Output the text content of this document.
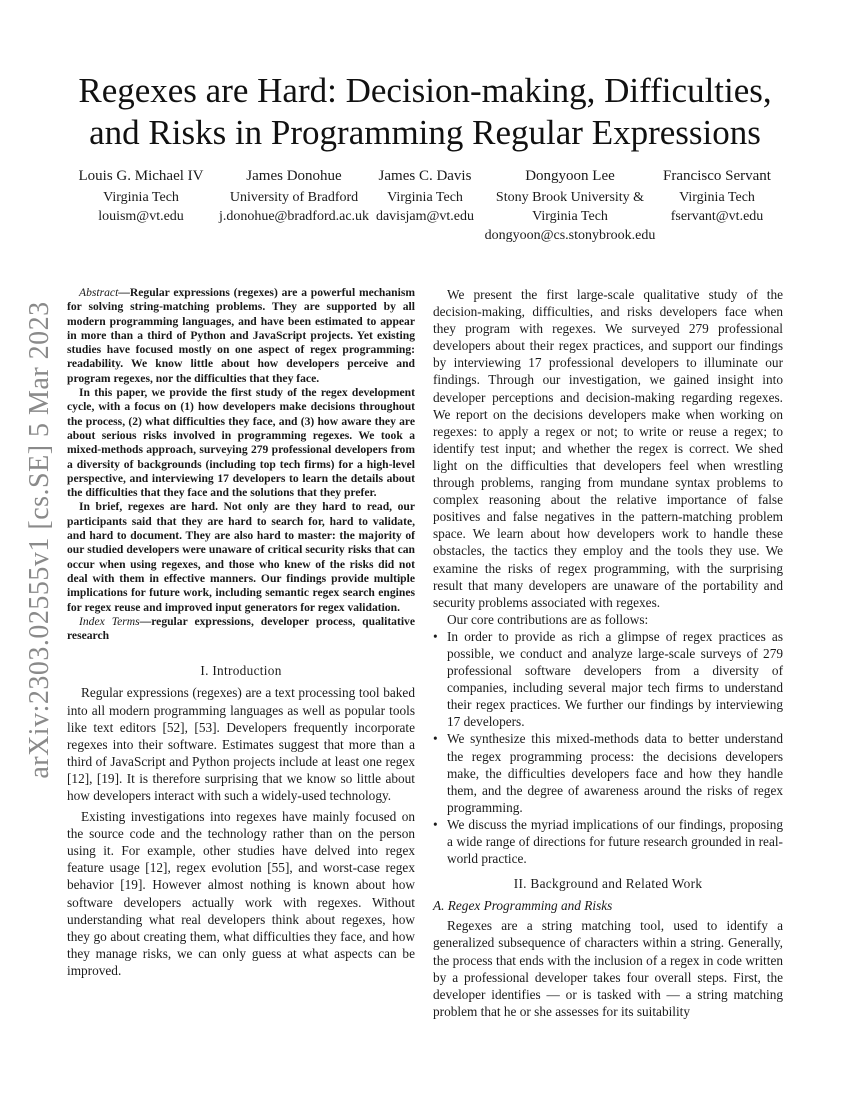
arXiv:2303.02555v1 [cs.SE] 5 Mar 2023
Regexes are Hard: Decision-making, Difficulties, and Risks in Programming Regular Expressions
Louis G. Michael IV
Virginia Tech
louism@vt.edu
James Donohue
University of Bradford
j.donohue@bradford.ac.uk
James C. Davis
Virginia Tech
davisjam@vt.edu
Dongyoon Lee
Stony Brook University &
Virginia Tech
dongyoon@cs.stonybrook.edu
Francisco Servant
Virginia Tech
fservant@vt.edu

Abstract—Regular expressions (regexes) are a powerful mechanism for solving string-matching problems. They are supported by all modern programming languages, and have been estimated to appear in more than a third of Python and JavaScript projects. Yet existing studies have focused mostly on one aspect of regex programming: readability. We know little about how developers perceive and program regexes, nor the difficulties that they face.

In this paper, we provide the first study of the regex development cycle, with a focus on (1) how developers make decisions throughout the process, (2) what difficulties they face, and (3) how aware they are about serious risks involved in programming regexes. We took a mixed-methods approach, surveying 279 professional developers from a diversity of backgrounds (including top tech firms) for a high-level perspective, and interviewing 17 developers to learn the details about the difficulties that they face and the solutions that they prefer.

In brief, regexes are hard. Not only are they hard to read, our participants said that they are hard to search for, hard to validate, and hard to document. They are also hard to master: the majority of our studied developers were unaware of critical security risks that can occur when using regexes, and those who knew of the risks did not deal with them in effective manners. Our findings provide multiple implications for future work, including semantic regex search engines for regex reuse and improved input generators for regex validation.

Index Terms—regular expressions, developer process, qualitative research

I. Introduction

Regular expressions (regexes) are a text processing tool baked into all modern programming languages as well as popular tools like text editors [52], [53]. Developers frequently incorporate regexes into their software. Estimates suggest that more than a third of JavaScript and Python projects include at least one regex [12], [19]. It is therefore surprising that we know so little about how developers interact with such a widely-used technology.

Existing investigations into regexes have mainly focused on the source code and the technology rather than on the person using it. For example, other studies have delved into regex feature usage [12], regex evolution [55], and worst-case regex behavior [19]. However almost nothing is known about how software developers actually work with regexes. Without understanding what real developers think about regexes, how they go about creating them, what difficulties they face, and how they manage risks, we can only guess at what aspects can be improved.

We present the first large-scale qualitative study of the decision-making, difficulties, and risks developers face when they program with regexes. We surveyed 279 professional developers about their regex practices, and support our findings by interviewing 17 professional developers to illuminate our findings. Through our investigation, we gained insight into developer perceptions and decision-making regarding regexes. We report on the decisions developers make when working on regexes: to apply a regex or not; to write or reuse a regex; to identify test input; and whether the regex is correct. We shed light on the difficulties that developers feel when wrestling through problems, ranging from mundane syntax problems to complex reasoning about the relative importance of false positives and false negatives in the pattern-matching problem space. We learn about how developers work to handle these obstacles, the tactics they employ and the tools they use. We examine the risks of regex programming, with the surprising result that many developers are unaware of the portability and security problems associated with regexes.

Our core contributions are as follows:

• In order to provide as rich a glimpse of regex practices as possible, we conduct and analyze large-scale surveys of 279 professional software developers from a diversity of companies, including several major tech firms to understand their regex practices. We further our findings by interviewing 17 developers.
• We synthesize this mixed-methods data to better understand the regex programming process: the decisions developers make, the difficulties developers face and how they handle them, and the degree of awareness around the risks of regex programming.
• We discuss the myriad implications of our findings, proposing a wide range of directions for future research grounded in real-world practice.
II. Background and Related Work
A. Regex Programming and Risks

Regexes are a string matching tool, used to identify a generalized subsequence of characters within a string. Generally, the process that ends with the inclusion of a regex in code written by a professional developer takes four overall steps. First, the developer identifies — or is tasked with — a string matching problem that he or she assesses for its suitability
